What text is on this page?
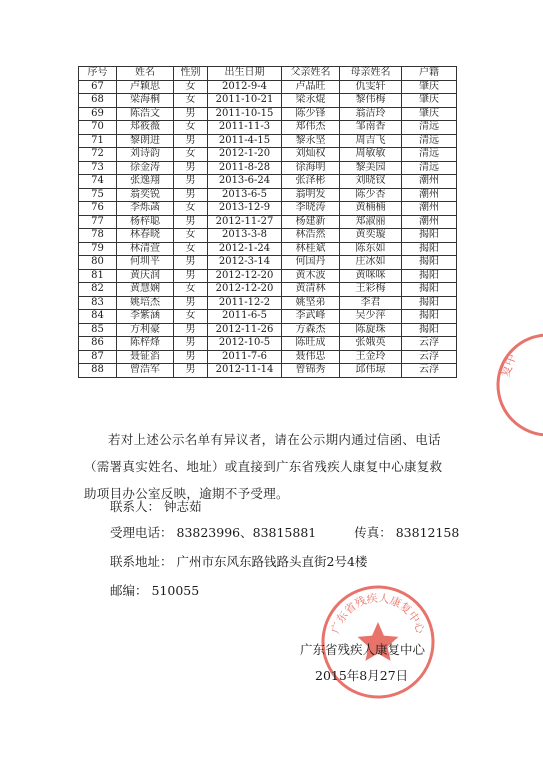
序号	姓名	性别	出生日期	父亲姓名	母亲姓名	户籍
67	卢颖思	女	2012-9-4	卢晶旺	仇雯轩	肇庆
68	梁海桐	女	2011-10-21	梁永焜	黎伟梅	肇庆
69	陈浩文	男	2011-10-15	陈少锋	翁洁玲	肇庆
70	郑筱薇	女	2011-11-3	郑伟杰	邹南香	清远
71	黎朗进	男	2011-4-15	黎永坚	周吉飞	清远
72	刘诗韵	女	2012-1-20	刘灿权	周敏敏	清远
73	徐金涛	男	2011-8-28	徐海明	黎美园	清远
74	张逸翔	男	2013-6-24	张泽彬	刘晓钗	潮州
75	翁奕锐	男	2013-6-5	翁明发	陈少杏	潮州
76	李烁菡	女	2013-12-9	李晓涛	黄楠楠	潮州
77	杨梓聪	男	2012-11-27	杨建新	郑淑丽	潮州
78	林春晓	女	2013-3-8	林浩然	黄奕璇	揭阳
79	林清萱	女	2012-1-24	林桂斌	陈东如	揭阳
80	何圳平	男	2012-3-14	何国丹	庄冰如	揭阳
81	黄庆润	男	2012-12-20	黄木波	黄咪咪	揭阳
82	黄慧娴	女	2012-12-20	黄清林	王彩梅	揭阳
83	姚培杰	男	2011-12-2	姚坚弟	李君	揭阳
84	李紫涵	女	2011-6-5	李武峰	吴少萍	揭阳
85	方利豪	男	2012-11-26	方森杰	陈旋珠	揭阳
86	陈梓烽	男	2012-10-5	陈旺成	张娥英	云浮
87	聂钲滔	男	2011-7-6	聂伟忠	王金玲	云浮
88	曾浩军	男	2012-11-14	曾锦秀	邱伟琼	云浮
若对上述公示名单有异议者，请在公示期内通过信函、电话（需署真实姓名、地址）或直接到广东省残疾人康复中心康复救助项目办公室反映，逾期不予受理。
联系人： 钟志茹
受理电话： 83823996、83815881	传真： 83812158
联系地址： 广州市东风东路钱路头直街2号4楼
邮编： 510055
广东省残疾人康复中心
复中
广东省残疾人康复中心
2015年8月27日
